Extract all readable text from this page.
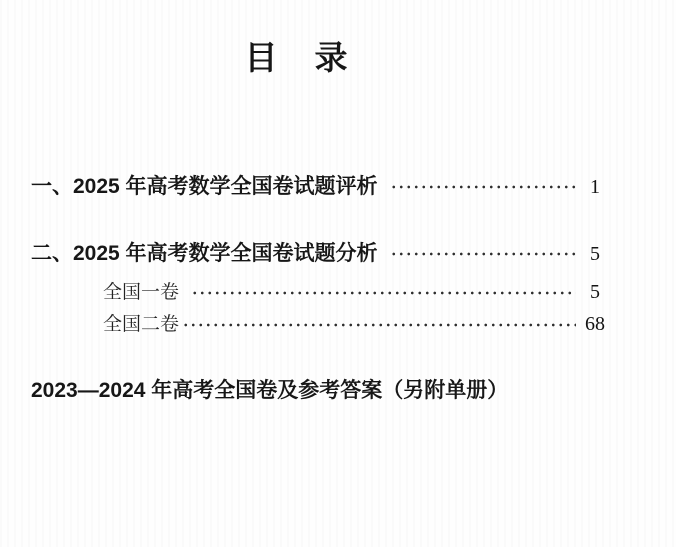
目　录
一、2025 年高考数学全国卷试题评析	1
二、2025 年高考数学全国卷试题分析	5
全国一卷	5
全国二卷	68
2023—2024 年高考全国卷及参考答案（另附单册）
